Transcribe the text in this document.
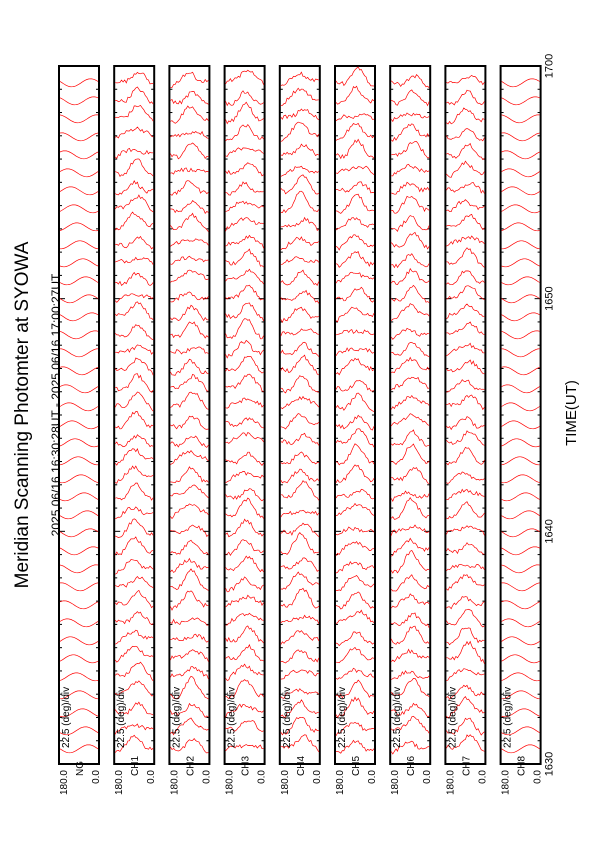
Meridian Scanning Photomter at SYOWA 2025 06/16 16:30:28UT - 2025 06/16 17:00:27UT	TIME(UT)
22.5 (deg)/div
180.0 0.0
NG
22.5 (deg)/div
180.0 0.0
CH1
22.5 (deg)/div
180.0 0.0
CH2
22.5 (deg)/div
180.0 0.0
CH3
22.5 (deg)/div
180.0 0.0
CH4
22.5 (deg)/div
180.0 0.0
CH5
22.5 (deg)/div
180.0 0.0
CH6
22.5 (deg)/div
180.0 0.0
CH7
22.5 (deg)/div
180.0 0.0
CH8 1630
1640
1650
1700
